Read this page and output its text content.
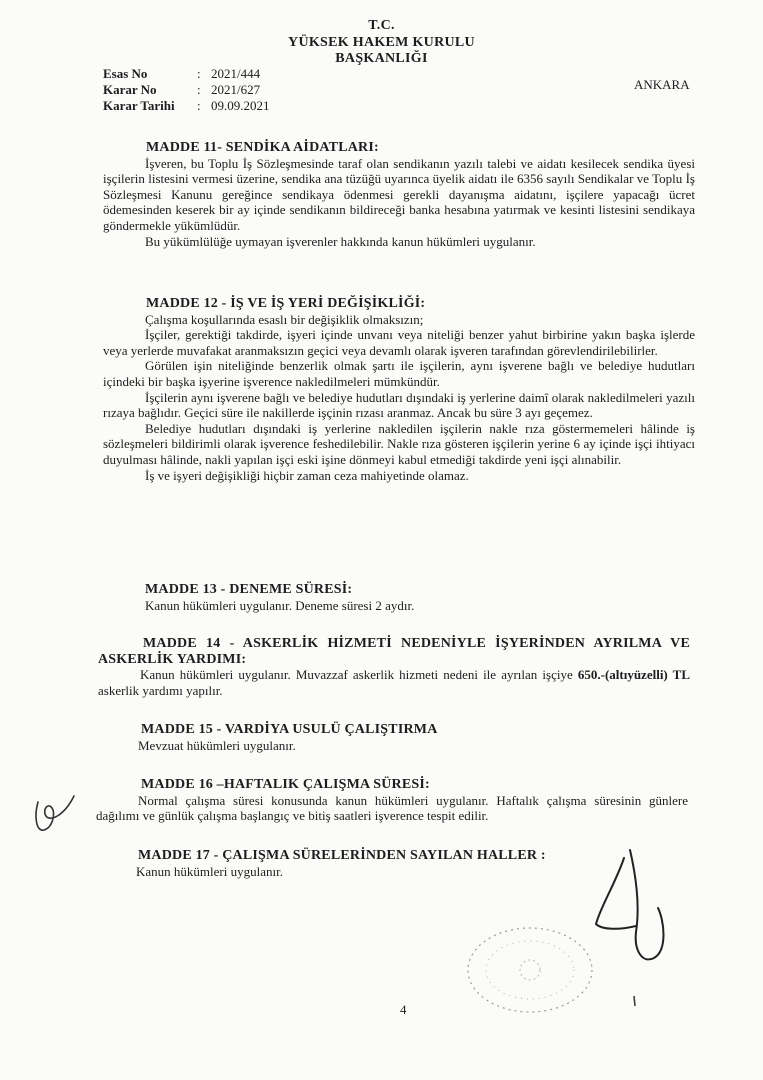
T.C.
YÜKSEK HAKEM KURULU
BAŞKANLIĞI
Esas No	: 2021/444
Karar No	: 2021/627
Karar Tarihi	: 09.09.2021
ANKARA
MADDE 11- SENDİKA AİDATLARI:

İşveren, bu Toplu İş Sözleşmesinde taraf olan sendikanın yazılı talebi ve aidatı kesilecek sendika üyesi işçilerin listesini vermesi üzerine, sendika ana tüzüğü uyarınca üyelik aidatı ile 6356 sayılı Sendikalar ve Toplu İş Sözleşmesi Kanunu gereğince sendikaya ödenmesi gerekli dayanışma aidatını, işçilere yapacağı ücret ödemesinden keserek bir ay içinde sendikanın bildireceği banka hesabına yatırmak ve kesinti listesini sendikaya göndermekle yükümlüdür.

Bu yükümlülüğe uymayan işverenler hakkında kanun hükümleri uygulanır.

MADDE 12 - İŞ VE İŞ YERİ DEĞİŞİKLİĞİ:

Çalışma koşullarında esaslı bir değişiklik olmaksızın;

İşçiler, gerektiği takdirde, işyeri içinde unvanı veya niteliği benzer yahut birbirine yakın başka işlerde veya yerlerde muvafakat aranmaksızın geçici veya devamlı olarak işveren tarafından görevlendirilebilirler.

Görülen işin niteliğinde benzerlik olmak şartı ile işçilerin, aynı işverene bağlı ve belediye hudutları içindeki bir başka işyerine işverence nakledilmeleri mümkündür.

İşçilerin aynı işverene bağlı ve belediye hudutları dışındaki iş yerlerine daimî olarak nakledilmeleri yazılı rızaya bağlıdır. Geçici süre ile nakillerde işçinin rızası aranmaz. Ancak bu süre 3 ayı geçemez.

Belediye hudutları dışındaki iş yerlerine nakledilen işçilerin nakle rıza göstermemeleri hâlinde iş sözleşmeleri bildirimli olarak işverence feshedilebilir. Nakle rıza gösteren işçilerin yerine 6 ay içinde işçi ihtiyacı duyulması hâlinde, nakli yapılan işçi eski işine dönmeyi kabul etmediği takdirde yeni işçi alınabilir.

İş ve işyeri değişikliği hiçbir zaman ceza mahiyetinde olamaz.

MADDE 13 - DENEME SÜRESİ:

Kanun hükümleri uygulanır. Deneme süresi 2 aydır.

MADDE 14 - ASKERLİK HİZMETİ NEDENİYLE İŞYERİNDEN AYRILMA VE ASKERLİK YARDIMI:

Kanun hükümleri uygulanır. Muvazzaf askerlik hizmeti nedeni ile ayrılan işçiye 650.-(altıyüzelli) TL askerlik yardımı yapılır.

MADDE 15 - VARDİYA USULÜ ÇALIŞTIRMA

Mevzuat hükümleri uygulanır.

MADDE 16 –HAFTALIK ÇALIŞMA SÜRESİ:

Normal çalışma süresi konusunda kanun hükümleri uygulanır. Haftalık çalışma süresinin günlere dağılımı ve günlük çalışma başlangıç ve bitiş saatleri işverence tespit edilir.

MADDE 17 - ÇALIŞMA SÜRELERİNDEN SAYILAN HALLER :

Kanun hükümleri uygulanır.

4
